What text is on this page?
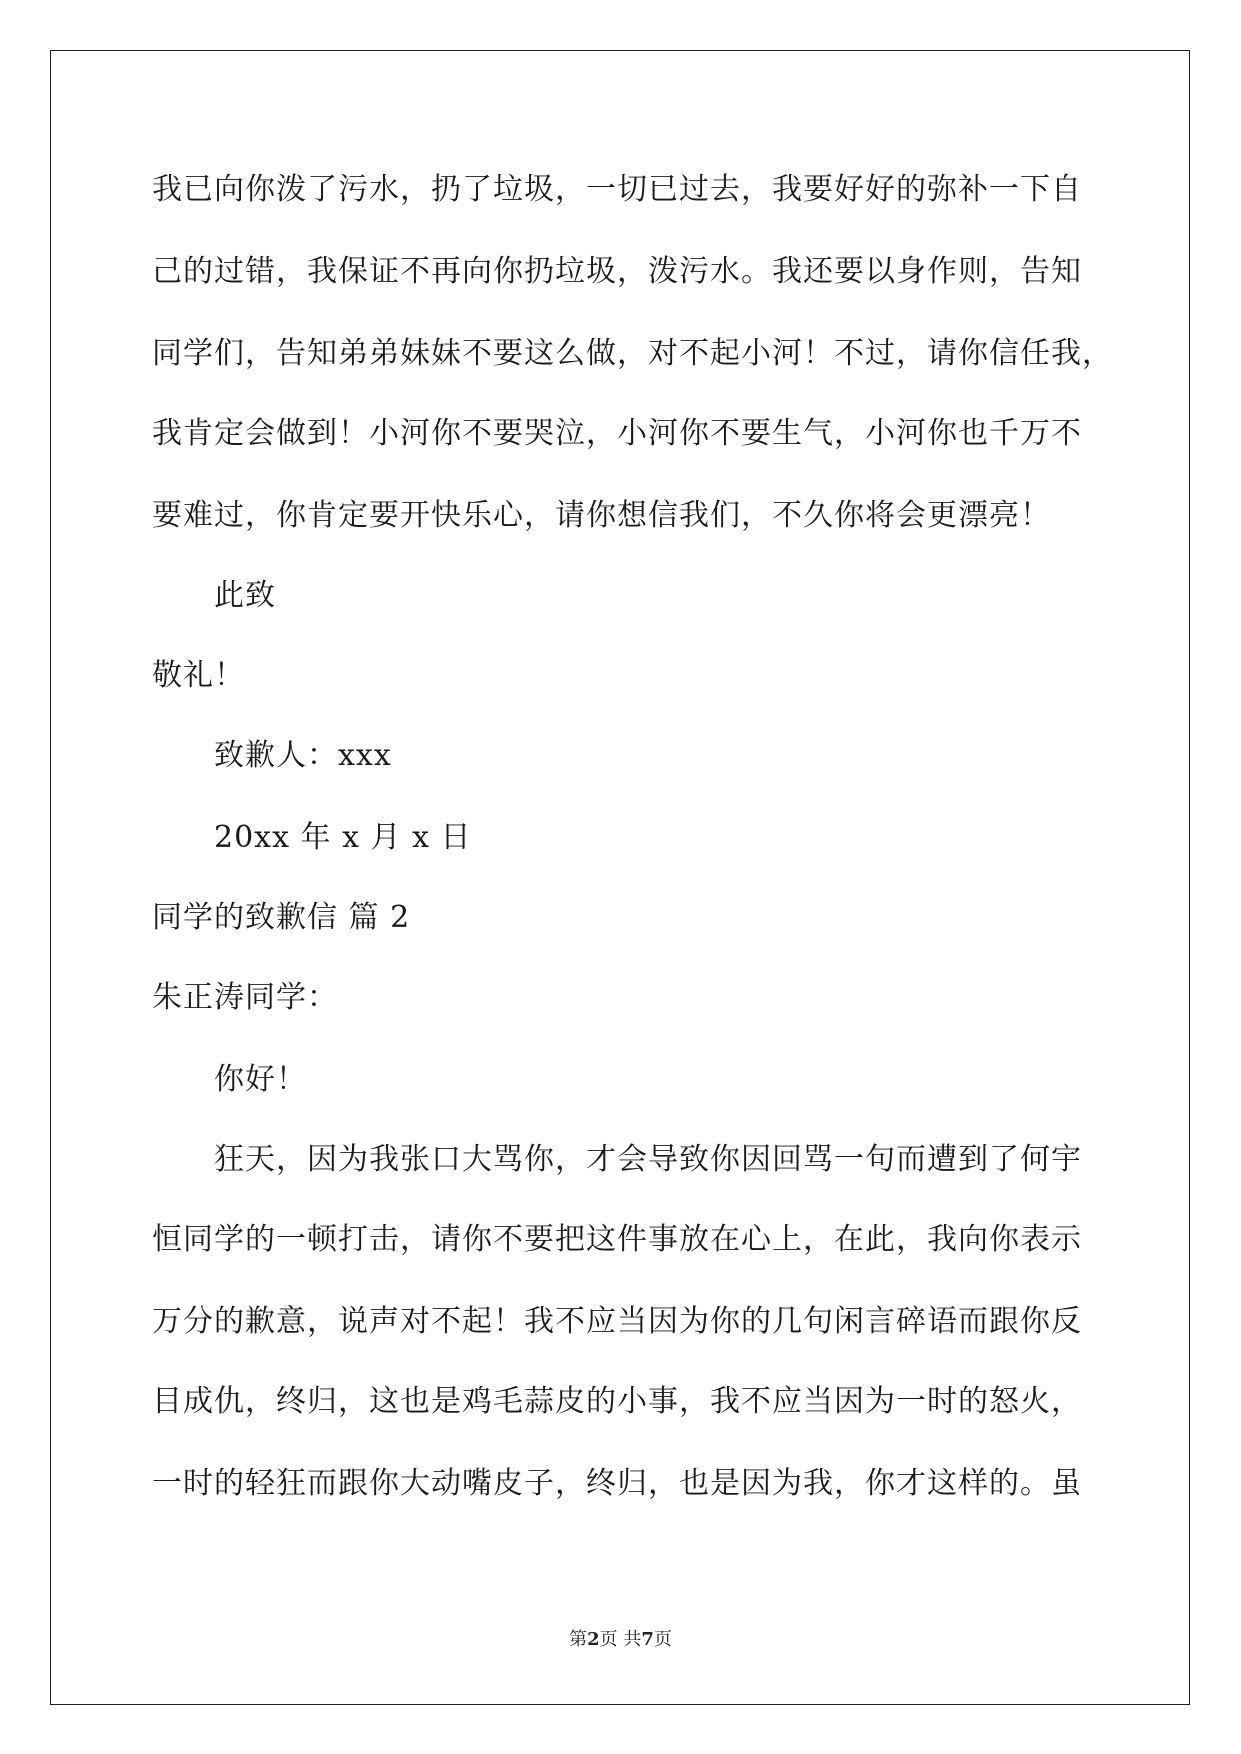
我已向你泼了污水，扔了垃圾，一切已过去，我要好好的弥补一下自
己的过错，我保证不再向你扔垃圾，泼污水。我还要以身作则，告知
同学们，告知弟弟妹妹不要这么做，对不起小河！不过，请你信任我，
我肯定会做到！小河你不要哭泣，小河你不要生气，小河你也千万不
要难过，你肯定要开快乐心，请你想信我们，不久你将会更漂亮！
此致
敬礼！
致歉人：xxx
20xx 年 x 月 x 日
同学的致歉信 篇 2
朱正涛同学：
你好！
狂天，因为我张口大骂你，才会导致你因回骂一句而遭到了何宇
恒同学的一顿打击，请你不要把这件事放在心上，在此，我向你表示
万分的歉意，说声对不起！我不应当因为你的几句闲言碎语而跟你反
目成仇，终归，这也是鸡毛蒜皮的小事，我不应当因为一时的怒火，
一时的轻狂而跟你大动嘴皮子，终归，也是因为我，你才这样的。虽
第2页 共7页
